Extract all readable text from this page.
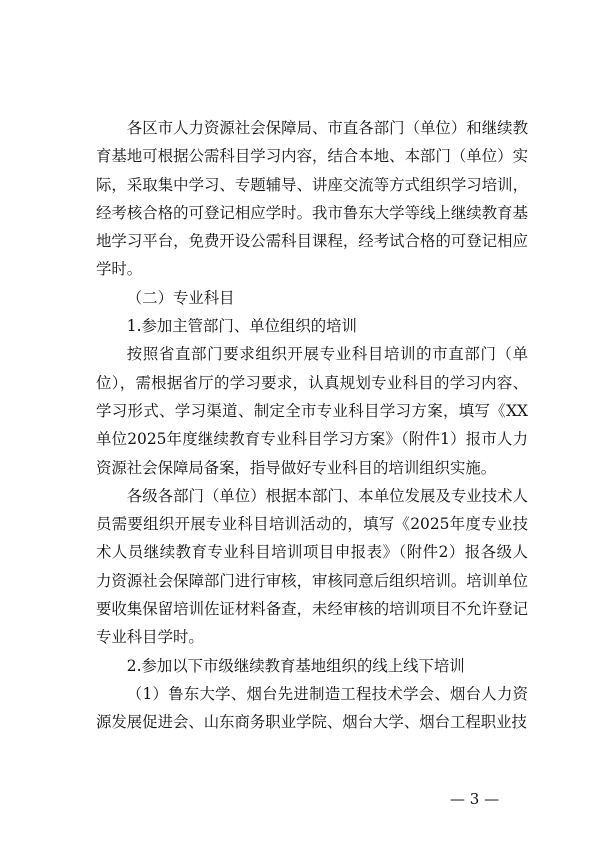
各区市人力资源社会保障局、市直各部门（单位）和继续教育基地可根据公需科目学习内容，结合本地、本部门（单位）实际，采取集中学习、专题辅导、讲座交流等方式组织学习培训，经考核合格的可登记相应学时。我市鲁东大学等线上继续教育基地学习平台，免费开设公需科目课程，经考试合格的可登记相应学时。

（二）专业科目

1.参加主管部门、单位组织的培训

按照省直部门要求组织开展专业科目培训的市直部门（单位），需根据省厅的学习要求，认真规划专业科目的学习内容、学习形式、学习渠道、制定全市专业科目学习方案，填写《XX单位2025年度继续教育专业科目学习方案》（附件1）报市人力资源社会保障局备案，指导做好专业科目的培训组织实施。

各级各部门（单位）根据本部门、本单位发展及专业技术人员需要组织开展专业科目培训活动的，填写《2025年度专业技术人员继续教育专业科目培训项目申报表》（附件2）报各级人力资源社会保障部门进行审核，审核同意后组织培训。培训单位要收集保留培训佐证材料备查，未经审核的培训项目不允许登记专业科目学时。

2.参加以下市级继续教育基地组织的线上线下培训

（1）鲁东大学、烟台先进制造工程技术学会、烟台人力资源发展促进会、山东商务职业学院、烟台大学、烟台工程职业技

— 3 —
